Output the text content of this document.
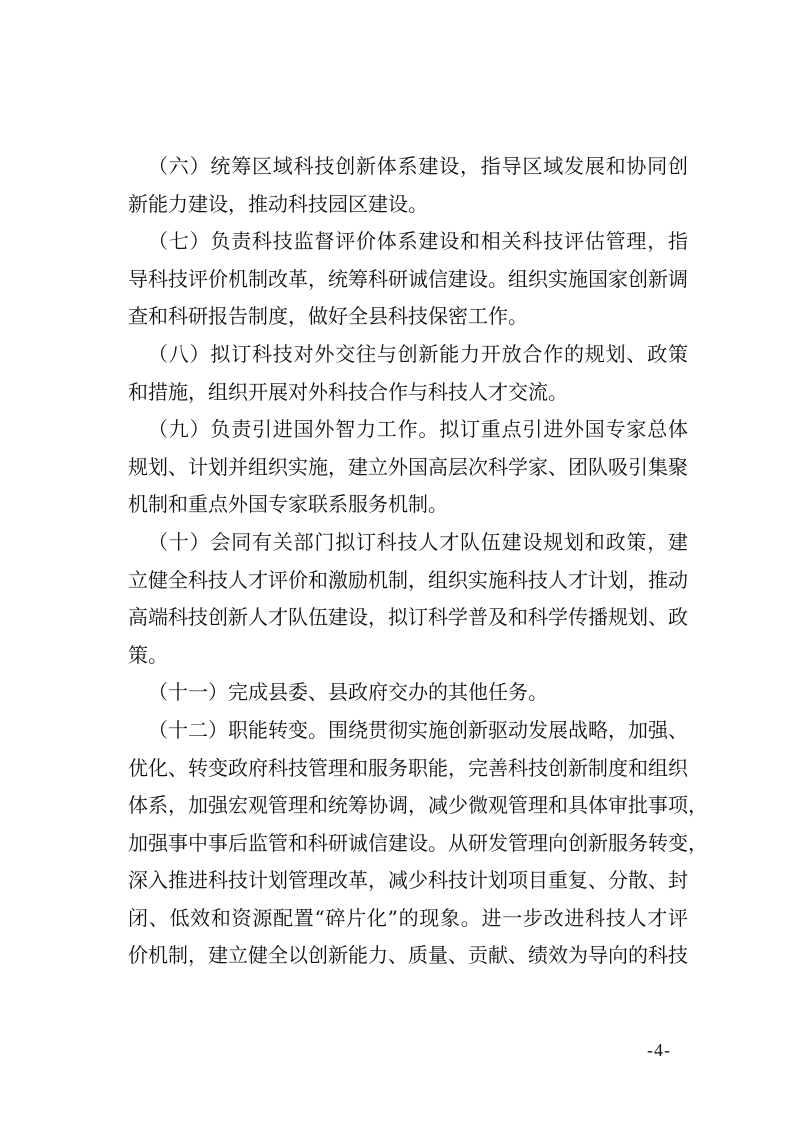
（六）统筹区域科技创新体系建设，指导区域发展和协同创
新能力建设，推动科技园区建设。

（七）负责科技监督评价体系建设和相关科技评估管理，指
导科技评价机制改革，统筹科研诚信建设。组织实施国家创新调
查和科研报告制度，做好全县科技保密工作。

（八）拟订科技对外交往与创新能力开放合作的规划、政策
和措施，组织开展对外科技合作与科技人才交流。

（九）负责引进国外智力工作。拟订重点引进外国专家总体
规划、计划并组织实施，建立外国高层次科学家、团队吸引集聚
机制和重点外国专家联系服务机制。

（十）会同有关部门拟订科技人才队伍建设规划和政策，建
立健全科技人才评价和激励机制，组织实施科技人才计划，推动
高端科技创新人才队伍建设，拟订科学普及和科学传播规划、政
策。

（十一）完成县委、县政府交办的其他任务。

（十二）职能转变。围绕贯彻实施创新驱动发展战略，加强、
优化、转变政府科技管理和服务职能，完善科技创新制度和组织
体系，加强宏观管理和统筹协调，减少微观管理和具体审批事项，
加强事中事后监管和科研诚信建设。从研发管理向创新服务转变，
深入推进科技计划管理改革，减少科技计划项目重复、分散、封
闭、低效和资源配置“碎片化”的现象。进一步改进科技人才评
价机制，建立健全以创新能力、质量、贡献、绩效为导向的科技

-4-
